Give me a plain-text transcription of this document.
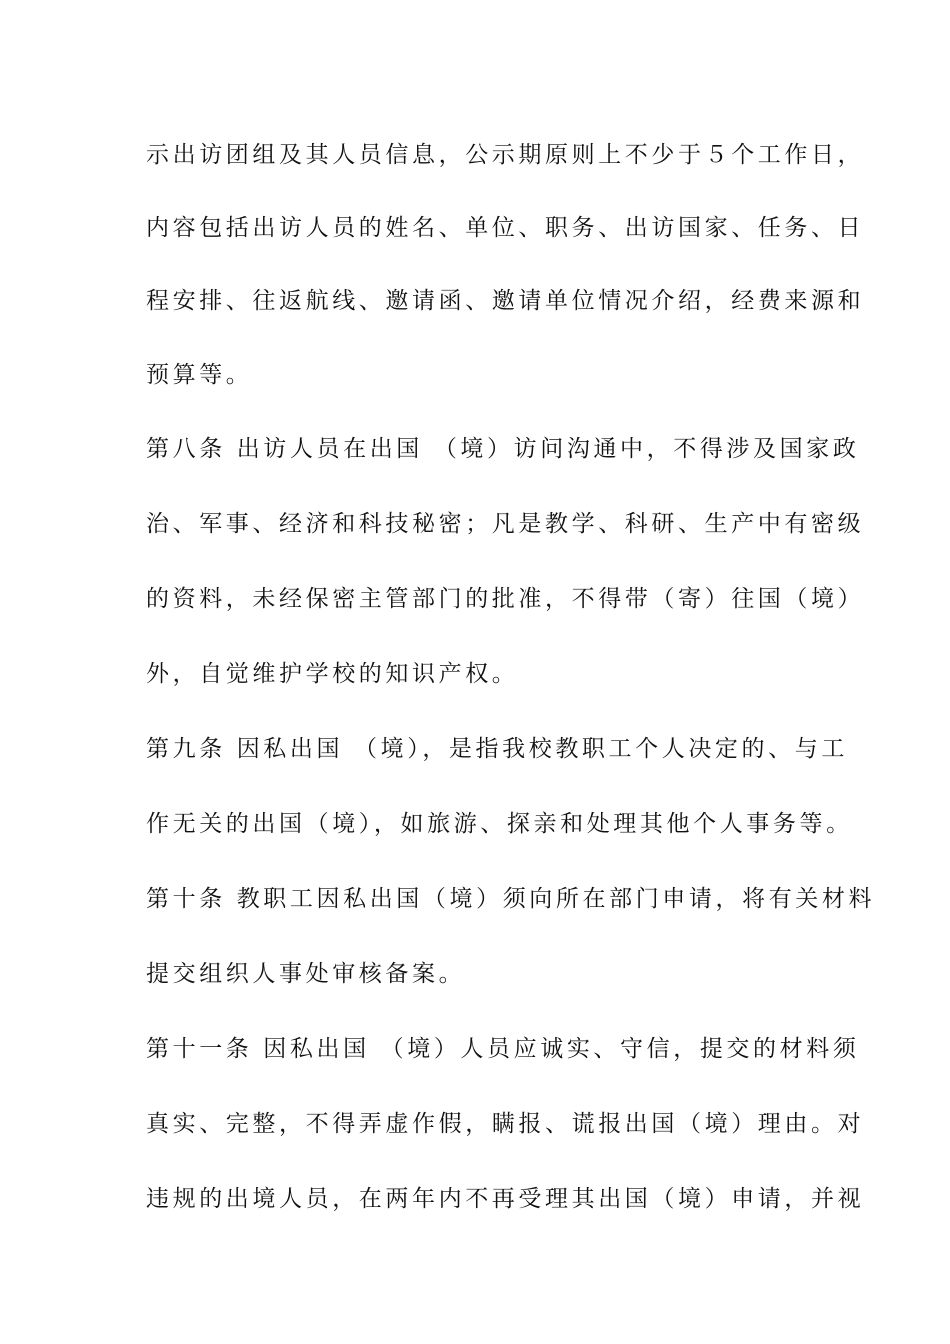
示出访团组及其人员信息，公示期原则上不少于５个工作日，
内容包括出访人员的姓名、单位、职务、出访国家、任务、日
程安排、往返航线、邀请函、邀请单位情况介绍，经费来源和
预算等。
第八条 出访人员在出国 （境）访问沟通中，不得涉及国家政
治、军事、经济和科技秘密；凡是教学、科研、生产中有密级
的资料，未经保密主管部门的批准，不得带（寄）往国（境）
外，自觉维护学校的知识产权。
第九条 因私出国 （境），是指我校教职工个人决定的、与工
作无关的出国（境），如旅游、探亲和处理其他个人事务等。
第十条 教职工因私出国（境）须向所在部门申请，将有关材料
提交组织人事处审核备案。
第十一条 因私出国 （境）人员应诚实、守信，提交的材料须
真实、完整，不得弄虚作假，瞒报、谎报出国（境）理由。对
违规的出境人员，在两年内不再受理其出国（境）申请，并视
